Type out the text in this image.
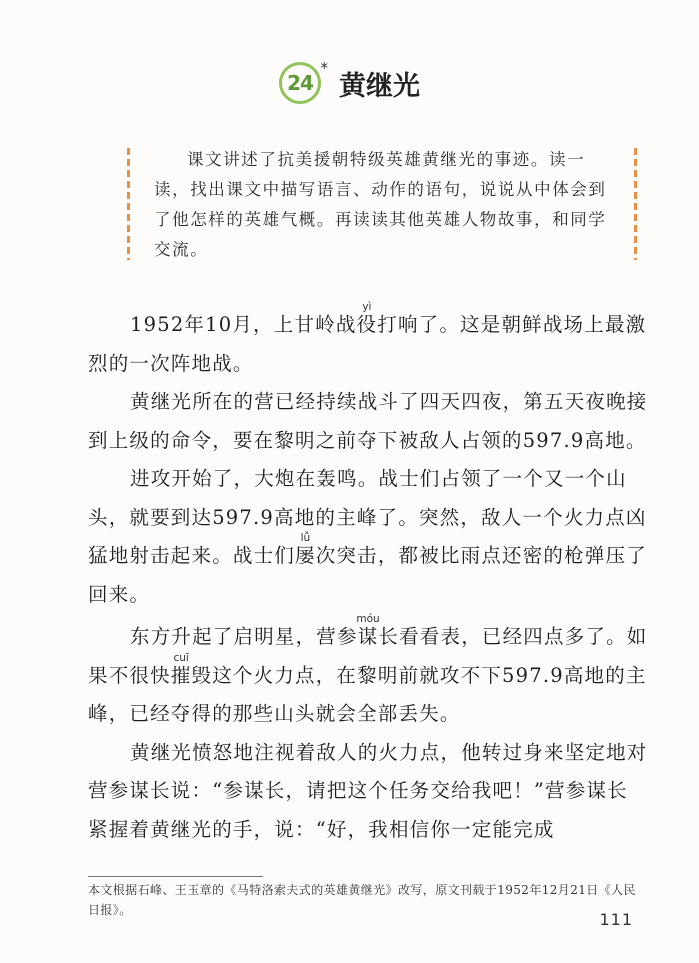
24
*
黄继光
课文讲述了抗美援朝特级英雄黄继光的事迹。读一读，找出课文中描写语言、动作的语句，说说从中体会到了他怎样的英雄气概。再读读其他英雄人物故事，和同学交流。

1952年10月，上甘岭战役yì打响了。这是朝鲜战场上最激烈的一次阵地战。

黄继光所在的营已经持续战斗了四天四夜，第五天夜晚接到上级的命令，要在黎明之前夺下被敌人占领的597.9高地。

进攻开始了，大炮在轰鸣。战士们占领了一个又一个山头，就要到达597.9高地的主峰了。突然，敌人一个火力点凶猛地射击起来。战士们屡lǚ次突击，都被比雨点还密的枪弹压了回来。

东方升起了启明星，营参谋móu长看看表，已经四点多了。如果不很快摧cuī毁这个火力点，在黎明前就攻不下597.9高地的主峰，已经夺得的那些山头就会全部丢失。

黄继光愤怒地注视着敌人的火力点，他转过身来坚定地对营参谋长说：“参谋长，请把这个任务交给我吧！”营参谋长紧握着黄继光的手，说：“好，我相信你一定能完成

本文根据石峰、王玉章的《马特洛索夫式的英雄黄继光》改写，原文刊载于1952年12月21日《人民日报》。	111
